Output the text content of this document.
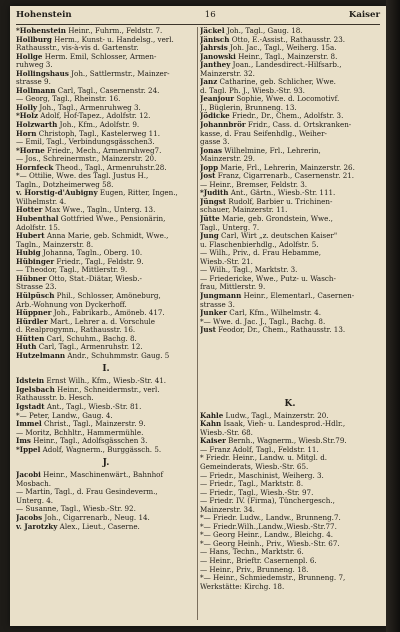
Hohenstein	16	Kaiser
*Hohenstein Heinr., Fuhrm., Feldstr. 7.
Hollburg Herm., Kunst- u. Handelsg., verl.
Rathausstr., vis-à-vis d. Gartenstr.
Hollge Herm. Emil, Schlosser, Armen-
ruhweg 3.
Hollingshaus Joh., Sattlermstr., Mainzer-
strasse 9.
Hollmann Carl, Tagl., Casernenstr. 24.
— Georg, Tagl., Rheinstr. 16.
Holly Joh., Tagl., Armenruhweg 3.
*Holz Adolf, Hof-Tapez., Adolfstr. 12.
Holzwarth Joh., Kfm., Adolfstr. 9.
Horn Christoph, Tagl., Kastelerweg 11.
— Emil, Tagl., Verbindungsgässchen3.
*Horne Friedr., Mech., Armenruhweg7.
— Jos., Schreinermstr., Mainzerstr. 20.
Hornfeck Theod., Tagl., Armenruhstr.28.
*— Ottilie, Wwe. des Tagl. Justus H.,
Tagln., Dotzheimerweg 58.
v. Horstig-d'Aubigny Eugen, Ritter, Ingen.,
Wilhelmstr. 4.
Hotter Max Wwe., Tagln., Unterg. 13.
Hubenthal Gottfried Wwe., Pensionärin,
Adolfstr. 15.
Hubert Anna Marie, geb. Schmidt, Wwe.,
Tagln., Mainzerstr. 8.
Hubig Johanna, Tagln., Oberg. 10.
Hübinger Friedr., Tagl., Feldstr. 9.
— Theodor, Tagl., Mittlerstr. 9.
Hübner Otto, Stat.-Diätar, Wiesb.-
Strasse 23.
Hülpüsch Phil., Schlosser, Amöneburg,
Arb.-Wohnung von Dyckerhoff.
Hüppner Joh., Fabrikarb., Amöneb. 417.
Hürdler Mart., Lehrer a. d. Vorschule
d. Realprogymn., Rathausstr. 16.
Hütten Carl, Schuhm., Bachg. 8.
Huth Carl, Tagl., Armenruhstr. 12.
Hutzelmann Andr., Schuhmmstr. Gaug. 5
I.
Idstein Ernst Wilh., Kfm., Wiesb.-Str. 41.
Igelsbach Heinr., Schneidermstr., verl.
Rathausstr. b. Hesch.
Igstadt Ant., Tagl., Wiesb.-Str. 81.
*— Peter, Landw., Gaug. 4.
Immel Christ., Tagl., Mainzerstr. 9.
— Moritz, Bchhltr., Hammermühle.
Ims Heinr., Tagl., Adolfsgässchen 3.
*Ippel Adolf, Wagnerm., Burggässch. 5.
J.
Jacobi Heinr., Maschinenwärt., Bahnhof
Mosbach.
— Martin, Tagl., d. Frau Gesindeverm.,
Unterg. 4.
— Susanne, Tagl., Wiesb.-Str. 92.
Jacobs Joh., Cigarrenarb., Neug. 14.
v. Jarotzky Alex., Lieut., Caserne.
Jäckel Joh., Tagl., Gaug. 18.
Jänisch Otto, E.-Assist., Rathausstr. 23.
Jahrsis Joh. Jac., Tagl., Weiherg. 15a.
Janowski Heinr., Tagl., Mainzerstr. 8.
Janthey Joan., Landesdirect.-Hilfsarb.,
Mainzerstr. 32.
Janz Catharine, geb. Schlicher, Wwe.
d. Tagl. Ph. J., Wiesb.-Str. 93.
Jeanjour Sophie, Wwe. d. Locomotivf.
J., Büglerin, Brunneng. 13.
Jödicke Friedr., Dr., Chem., Adolfstr. 3.
Johannbrör Fridr., Cass. d. Ortskranken-
kasse, d. Frau Seifenhdlg., Weiher-
gasse 3.
Jonas Wilhelmine, Frl., Lehrerin,
Mainzerstr. 29.
Jopp Marie, Frl., Lehrerin, Mainzerstr. 26.
Jost Franz, Cigarrenarb., Casernenstr. 21.
— Heinr., Bremser, Feldstr. 3.
*Judith Ant., Gärtn., Wiesb.-Str. 111.
Jüngst Rudolf, Barbier u. Trichinen-
schauer, Mainzerstr. 11.
Jütte Marie, geb. Grondstein, Wwe.,
Tagl., Unterg. 7.
Jung Carl, Wirt „z. deutschen Kaiser"
u. Flaschenbierhdlg., Adolfstr. 5.
— Wilh., Priv., d. Frau Hebamme,
Wiesb.-Str. 21.
— Wilh., Tagl., Marktstr. 3.
— Friedericke, Wwe., Putz- u. Wasch-
frau, Mittlerstr. 9.
Jungmann Heinr., Elementarl., Casernen-
strasse 3.
Junker Carl, Kfm., Wilhelmstr. 4.
*— Wwe. d. Jac. J., Tagl., Bachg. 8.
Just Feodor, Dr., Chem., Rathausstr. 13.
K.
Kahle Ludw., Tagl., Mainzerstr. 20.
Kahn Isaak, Vieh- u. Landesprod.-Hdlr.,
Wiesb.-Str. 68.
Kaiser Bernh., Wagnerm., Wiesb.Str.79.
— Franz Adolf, Tagl., Feldstr. 11.
* Friedr. Heinr., Landw. u. Mitgl. d.
Gemeinderats, Wiesb.-Str. 65.
— Friedr., Maschinist, Weiherg. 3.
— Friedr., Tagl., Marktstr. 8.
— Friedr., Tagl., Wiesb.-Str. 97.
— Friedr. IV. (Firma), Tünchergesch.,
Mainzerstr. 34.
*— Friedr. Ludw., Landw., Brunneng.7.
*— Friedr.Wilh.,Landw.,Wiesb.-Str.77.
*— Georg Heinr., Landw., Bleichg. 4.
*— Georg Heinh., Priv., Wiesb.-Str. 67.
— Hans, Techn., Marktstr. 6.
— Heinr., Brieftr. Casernenpl. 6.
— Heinr., Priv., Brunneng. 18.
*— Heinr., Schmiedemstr., Brunneng. 7,
Werkstätte: Kirchg. 18.
